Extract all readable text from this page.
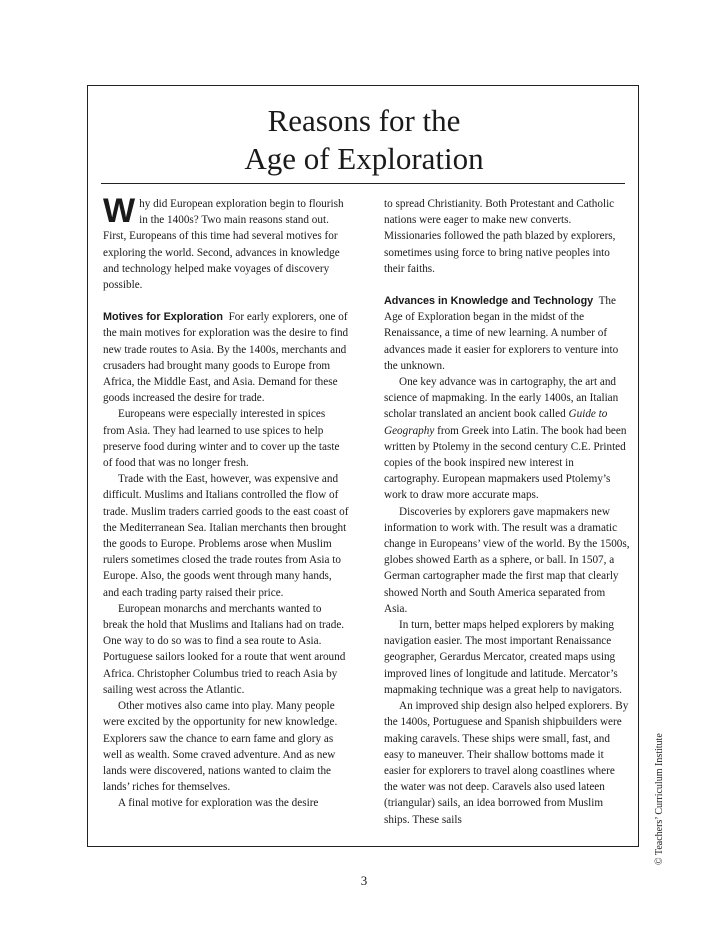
Reasons for the
Age of Exploration

Why did European exploration begin to flourish in the 1400s? Two main reasons stand out. First, Europeans of this time had several motives for exploring the world. Second, advances in knowledge and technology helped make voyages of discovery possible.

Motives for Exploration For early explorers, one of the main motives for exploration was the desire to find new trade routes to Asia. By the 1400s, merchants and crusaders had brought many goods to Europe from Africa, the Middle East, and Asia. Demand for these goods increased the desire for trade.

Europeans were especially interested in spices from Asia. They had learned to use spices to help preserve food during winter and to cover up the taste of food that was no longer fresh.

Trade with the East, however, was expensive and difficult. Muslims and Italians controlled the flow of trade. Muslim traders carried goods to the east coast of the Mediterranean Sea. Italian merchants then brought the goods to Europe. Problems arose when Muslim rulers sometimes closed the trade routes from Asia to Europe. Also, the goods went through many hands, and each trading party raised their price.

European monarchs and merchants wanted to break the hold that Muslims and Italians had on trade. One way to do so was to find a sea route to Asia. Portuguese sailors looked for a route that went around Africa. Christopher Columbus tried to reach Asia by sailing west across the Atlantic.

Other motives also came into play. Many people were excited by the opportunity for new knowledge. Explorers saw the chance to earn fame and glory as well as wealth. Some craved adventure. And as new lands were discovered, nations wanted to claim the lands’ riches for themselves.

A final motive for exploration was the desire

to spread Christianity. Both Protestant and Catholic nations were eager to make new converts. Missionaries followed the path blazed by explorers, sometimes using force to bring native peoples into their faiths.

Advances in Knowledge and Technology The Age of Exploration began in the midst of the Renaissance, a time of new learning. A number of advances made it easier for explorers to venture into the unknown.

One key advance was in cartography, the art and science of mapmaking. In the early 1400s, an Italian scholar translated an ancient book called Guide to Geography from Greek into Latin. The book had been written by Ptolemy in the second century C.E. Printed copies of the book inspired new interest in cartography. European mapmakers used Ptolemy’s work to draw more accurate maps.

Discoveries by explorers gave mapmakers new information to work with. The result was a dramatic change in Europeans’ view of the world. By the 1500s, globes showed Earth as a sphere, or ball. In 1507, a German cartographer made the first map that clearly showed North and South America separated from Asia.

In turn, better maps helped explorers by making navigation easier. The most important Renaissance geographer, Gerardus Mercator, created maps using improved lines of longitude and latitude. Mercator’s mapmaking technique was a great help to navigators.

An improved ship design also helped explorers. By the 1400s, Portuguese and Spanish shipbuilders were making caravels. These ships were small, fast, and easy to maneuver. Their shallow bottoms made it easier for explorers to travel along coastlines where the water was not deep. Caravels also used lateen (triangular) sails, an idea borrowed from Muslim ships. These sails	© Teachers’ Curriculum Institute
3
